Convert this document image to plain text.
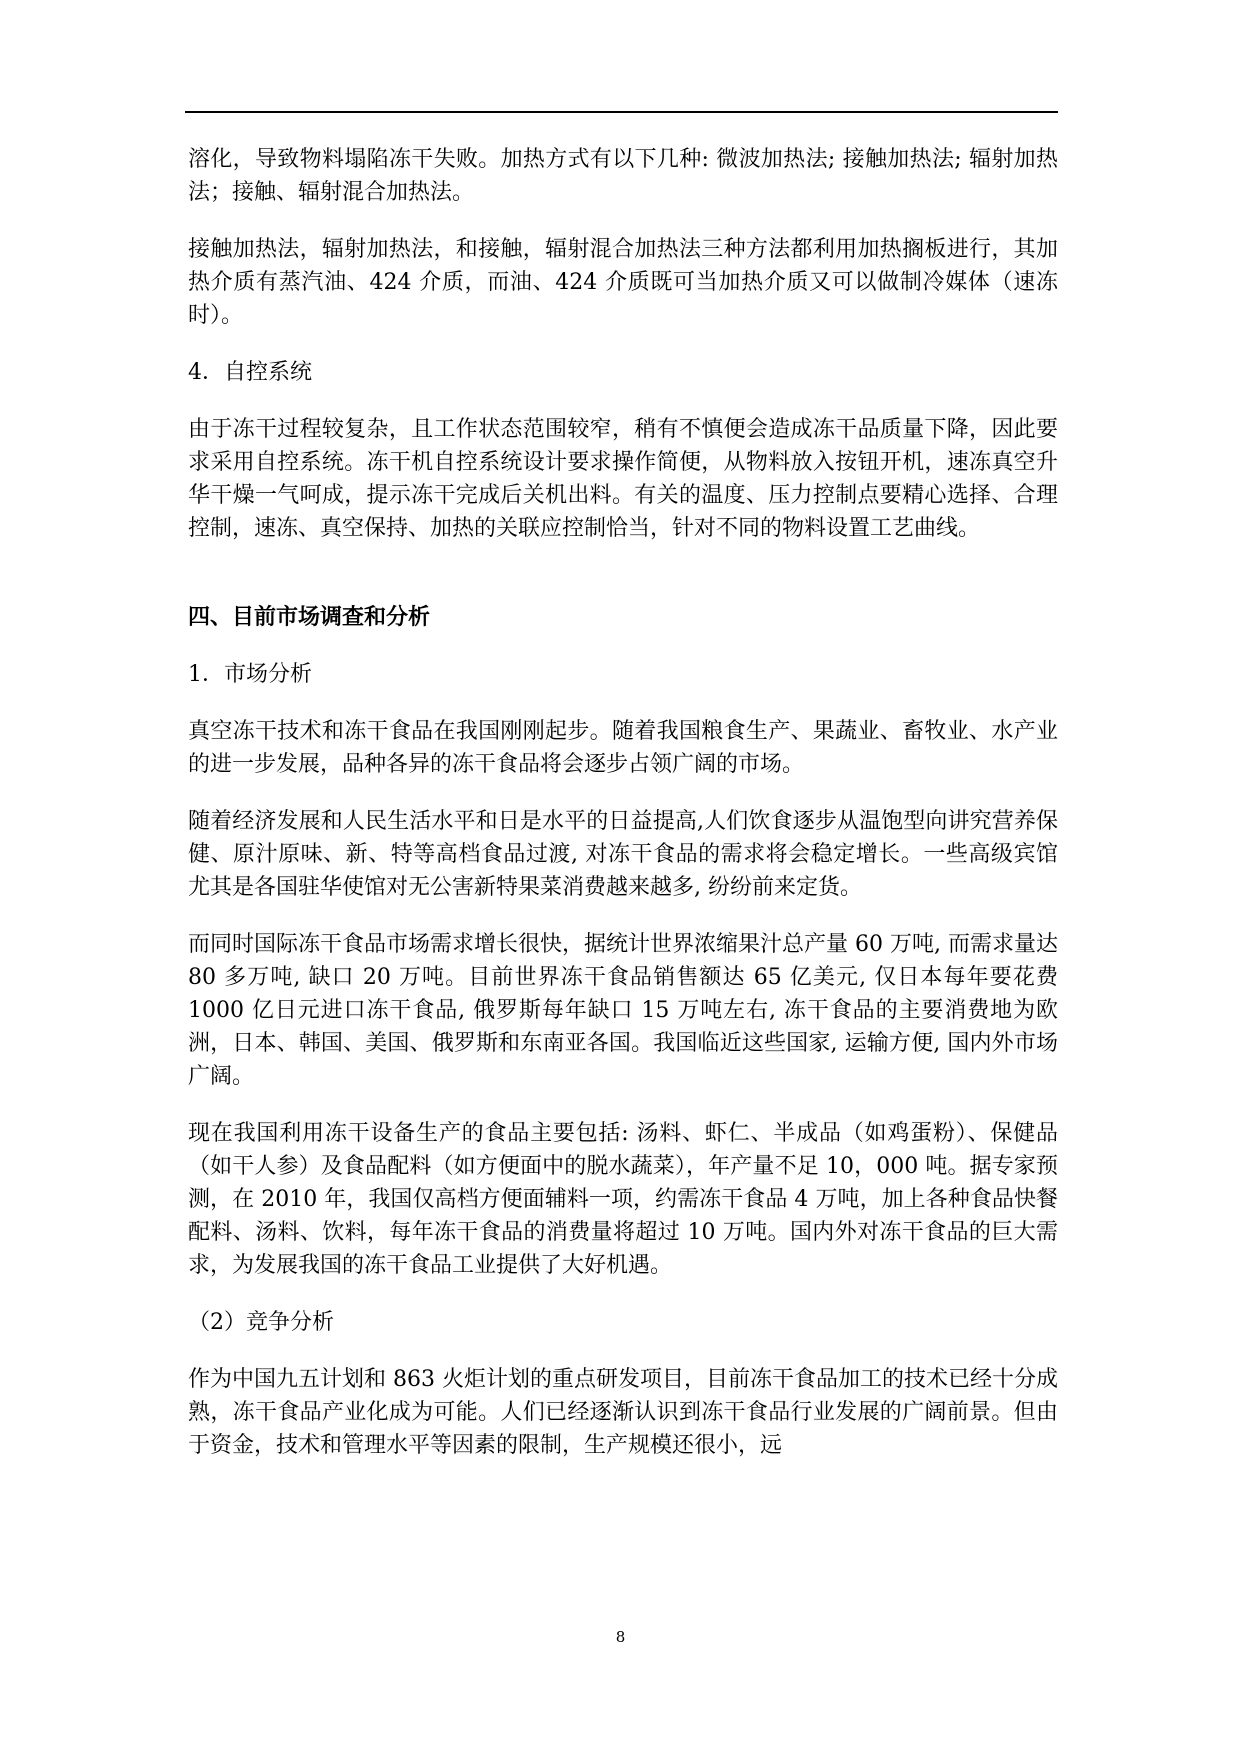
溶化，导致物料塌陷冻干失败。加热方式有以下几种: 微波加热法; 接触加热法; 辐射加热法；接触、辐射混合加热法。

接触加热法，辐射加热法，和接触，辐射混合加热法三种方法都利用加热搁板进行，其加热介质有蒸汽油、424 介质，而油、424 介质既可当加热介质又可以做制冷媒体（速冻时）。

4．自控系统

由于冻干过程较复杂，且工作状态范围较窄，稍有不慎便会造成冻干品质量下降，因此要求采用自控系统。冻干机自控系统设计要求操作简便，从物料放入按钮开机，速冻真空升华干燥一气呵成，提示冻干完成后关机出料。有关的温度、压力控制点要精心选择、合理控制，速冻、真空保持、加热的关联应控制恰当，针对不同的物料设置工艺曲线。

四、目前市场调查和分析

1．市场分析

真空冻干技术和冻干食品在我国刚刚起步。随着我国粮食生产、果蔬业、畜牧业、水产业的进一步发展，品种各异的冻干食品将会逐步占领广阔的市场。

随着经济发展和人民生活水平和日是水平的日益提高,人们饮食逐步从温饱型向讲究营养保健、原汁原味、新、特等高档食品过渡, 对冻干食品的需求将会稳定增长。一些高级宾馆尤其是各国驻华使馆对无公害新特果菜消费越来越多, 纷纷前来定货。

而同时国际冻干食品市场需求增长很快，据统计世界浓缩果汁总产量 60 万吨, 而需求量达 80 多万吨, 缺口 20 万吨。目前世界冻干食品销售额达 65 亿美元, 仅日本每年要花费 1000 亿日元进口冻干食品, 俄罗斯每年缺口 15 万吨左右, 冻干食品的主要消费地为欧洲，日本、韩国、美国、俄罗斯和东南亚各国。我国临近这些国家, 运输方便, 国内外市场广阔。

现在我国利用冻干设备生产的食品主要包括: 汤料、虾仁、半成品（如鸡蛋粉）、保健品（如干人参）及食品配料（如方便面中的脱水蔬菜），年产量不足 10，000 吨。据专家预测，在 2010 年，我国仅高档方便面辅料一项，约需冻干食品 4 万吨，加上各种食品快餐配料、汤料、饮料，每年冻干食品的消费量将超过 10 万吨。国内外对冻干食品的巨大需求，为发展我国的冻干食品工业提供了大好机遇。

（2）竞争分析

作为中国九五计划和 863 火炬计划的重点研发项目，目前冻干食品加工的技术已经十分成熟，冻干食品产业化成为可能。人们已经逐渐认识到冻干食品行业发展的广阔前景。但由于资金，技术和管理水平等因素的限制，生产规模还很小，远

8
